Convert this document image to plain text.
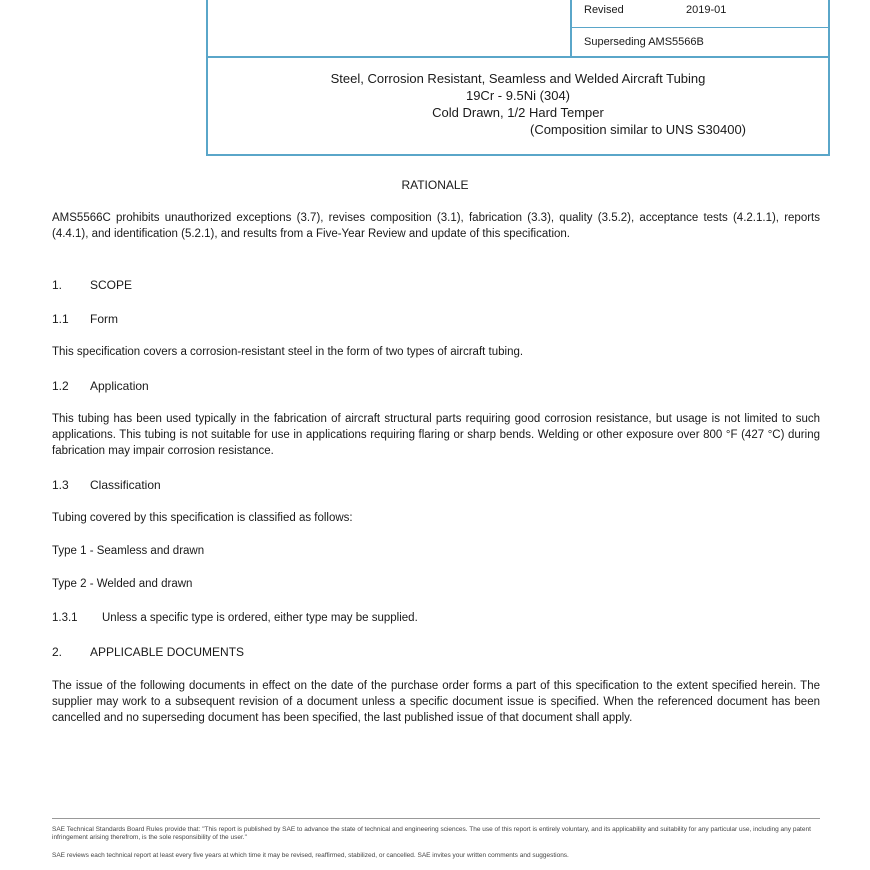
Revised	2019-01
Superseding AMS5566B
Steel, Corrosion Resistant, Seamless and Welded Aircraft Tubing
19Cr - 9.5Ni (304)
Cold Drawn, 1/2 Hard Temper
(Composition similar to UNS S30400)
RATIONALE
AMS5566C prohibits unauthorized exceptions (3.7), revises composition (3.1), fabrication (3.3), quality (3.5.2), acceptance tests (4.2.1.1), reports (4.4.1), and identification (5.2.1), and results from a Five-Year Review and update of this specification.
1. SCOPE
1.1 Form
This specification covers a corrosion-resistant steel in the form of two types of aircraft tubing.
1.2 Application
This tubing has been used typically in the fabrication of aircraft structural parts requiring good corrosion resistance, but usage is not limited to such applications. This tubing is not suitable for use in applications requiring flaring or sharp bends. Welding or other exposure over 800 °F (427 °C) during fabrication may impair corrosion resistance.
1.3 Classification
Tubing covered by this specification is classified as follows:
Type 1 - Seamless and drawn
Type 2 - Welded and drawn
1.3.1 Unless a specific type is ordered, either type may be supplied.
2. APPLICABLE DOCUMENTS
The issue of the following documents in effect on the date of the purchase order forms a part of this specification to the extent specified herein. The supplier may work to a subsequent revision of a document unless a specific document issue is specified. When the referenced document has been cancelled and no superseding document has been specified, the last published issue of that document shall apply.
SAE Technical Standards Board Rules provide that: "This report is published by SAE to advance the state of technical and engineering sciences. The use of this report is entirely voluntary, and its applicability and suitability for any particular use, including any patent infringement arising therefrom, is the sole responsibility of the user."
SAE reviews each technical report at least every five years at which time it may be revised, reaffirmed, stabilized, or cancelled. SAE invites your written comments and suggestions.
